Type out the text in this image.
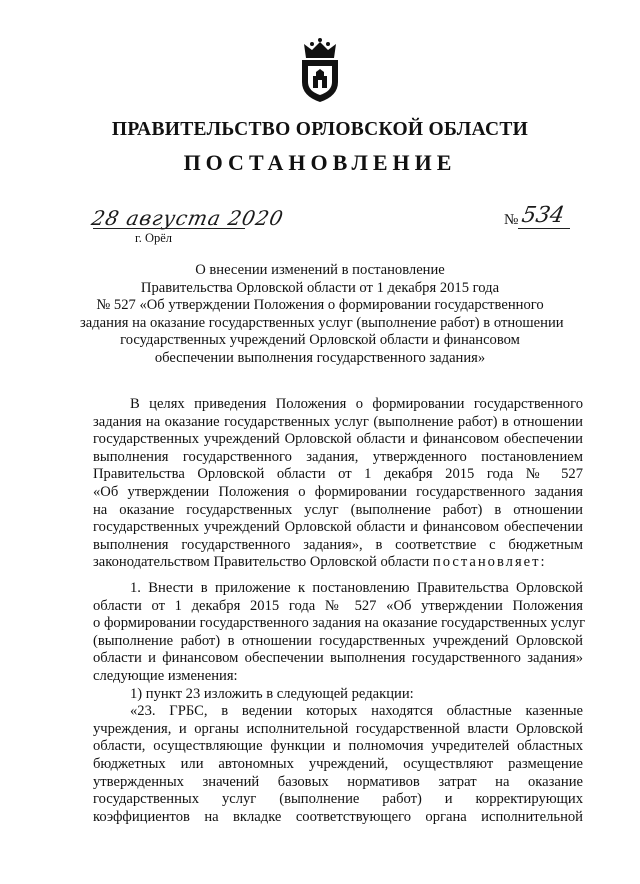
ПРАВИТЕЛЬСТВО ОРЛОВСКОЙ ОБЛАСТИ
ПОСТАНОВЛЕНИЕ
28 августа 2020
г. Орёл
№ 534
О внесении изменений в постановление
Правительства Орловской области от 1 декабря 2015 года
№ 527 «Об утверждении Положения о формировании государственного
задания на оказание государственных услуг (выполнение работ) в отношении
государственных учреждений Орловской области и финансовом
обеспечении выполнения государственного задания»
В целях приведения Положения о формировании государственного
задания на оказание государственных услуг (выполнение работ) в отношении
государственных учреждений Орловской области и финансовом обеспечении
выполнения государственного задания, утвержденного постановлением
Правительства Орловской области от 1 декабря 2015 года № 527
«Об утверждении Положения о формировании государственного задания
на оказание государственных услуг (выполнение работ) в отношении
государственных учреждений Орловской области и финансовом обеспечении
выполнения государственного задания», в соответствие с бюджетным
законодательством Правительство Орловской области постановляет:
1. Внести в приложение к постановлению Правительства Орловской
области от 1 декабря 2015 года № 527 «Об утверждении Положения
о формировании государственного задания на оказание государственных услуг
(выполнение работ) в отношении государственных учреждений Орловской
области и финансовом обеспечении выполнения государственного задания»
следующие изменения:
1) пункт 23 изложить в следующей редакции:
«23. ГРБС, в ведении которых находятся областные казенные
учреждения, и органы исполнительной государственной власти Орловской
области, осуществляющие функции и полномочия учредителей областных
бюджетных или автономных учреждений, осуществляют размещение
утвержденных значений базовых нормативов затрат на оказание
государственных услуг (выполнение работ) и корректирующих
коэффициентов на вкладке соответствующего органа исполнительной
